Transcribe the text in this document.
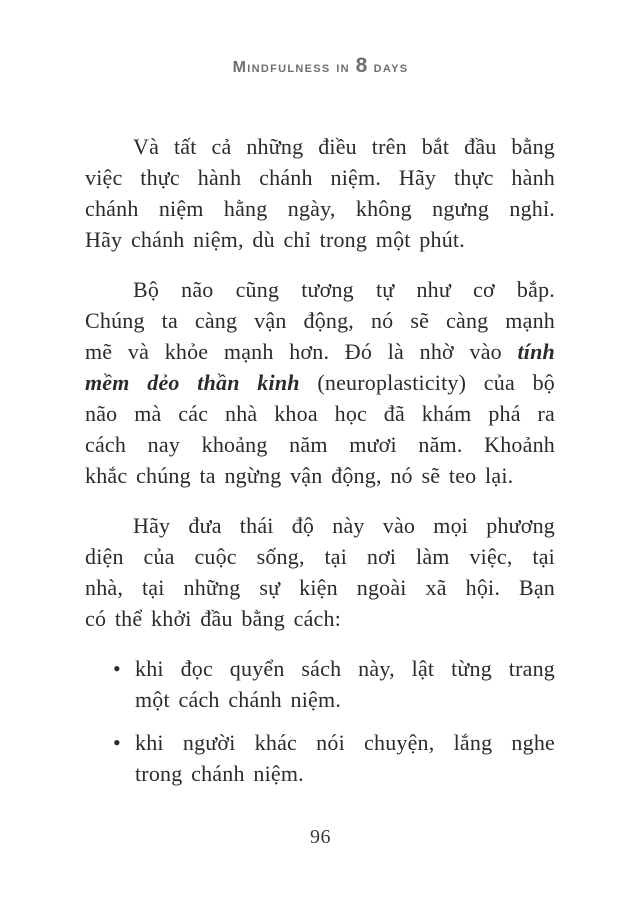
Mindfulness in 8 days
Và tất cả những điều trên bắt đầu bằng
việc thực hành chánh niệm. Hãy thực hành
chánh niệm hằng ngày, không ngưng nghỉ.
Hãy chánh niệm, dù chỉ trong một phút.
Bộ não cũng tương tự như cơ bắp.
Chúng ta càng vận động, nó sẽ càng mạnh
mẽ và khỏe mạnh hơn. Đó là nhờ vào tính
mềm dẻo thần kinh (neuroplasticity) của bộ
não mà các nhà khoa học đã khám phá ra
cách nay khoảng năm mươi năm. Khoảnh
khắc chúng ta ngừng vận động, nó sẽ teo lại.
Hãy đưa thái độ này vào mọi phương
diện của cuộc sống, tại nơi làm việc, tại
nhà, tại những sự kiện ngoài xã hội. Bạn
có thể khởi đầu bằng cách:
• khi đọc quyển sách này, lật từng trang
một cách chánh niệm.
• khi người khác nói chuyện, lắng nghe
trong chánh niệm.
96
